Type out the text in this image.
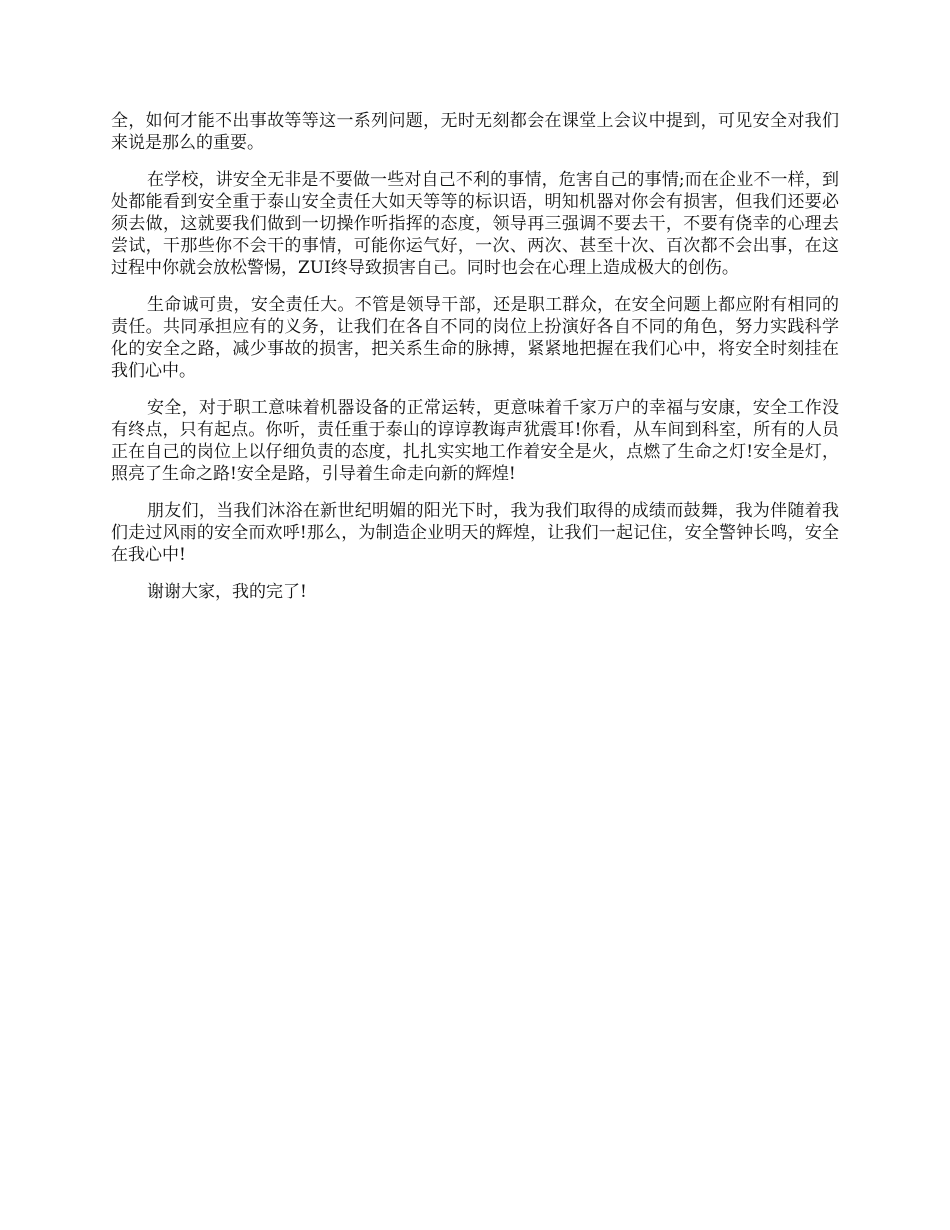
全，如何才能不出事故等等这一系列问题，无时无刻都会在课堂上会议中提到，可见安全对我们来说是那么的重要。

在学校，讲安全无非是不要做一些对自己不利的事情，危害自己的事情;而在企业不一样，到处都能看到安全重于泰山安全责任大如天等等的标识语，明知机器对你会有损害，但我们还要必须去做，这就要我们做到一切操作听指挥的态度，领导再三强调不要去干，不要有侥幸的心理去尝试，干那些你不会干的事情，可能你运气好，一次、两次、甚至十次、百次都不会出事，在这过程中你就会放松警惕，ZUI终导致损害自己。同时也会在心理上造成极大的创伤。

生命诚可贵，安全责任大。不管是领导干部，还是职工群众，在安全问题上都应附有相同的责任。共同承担应有的义务，让我们在各自不同的岗位上扮演好各自不同的角色，努力实践科学化的安全之路，减少事故的损害，把关系生命的脉搏，紧紧地把握在我们心中，将安全时刻挂在我们心中。

安全，对于职工意味着机器设备的正常运转，更意味着千家万户的幸福与安康，安全工作没有终点，只有起点。你听，责任重于泰山的谆谆教诲声犹震耳!你看，从车间到科室，所有的人员正在自己的岗位上以仔细负责的态度，扎扎实实地工作着安全是火，点燃了生命之灯!安全是灯，照亮了生命之路!安全是路，引导着生命走向新的辉煌!

朋友们，当我们沐浴在新世纪明媚的阳光下时，我为我们取得的成绩而鼓舞，我为伴随着我们走过风雨的安全而欢呼!那么，为制造企业明天的辉煌，让我们一起记住，安全警钟长鸣，安全在我心中!

谢谢大家，我的完了!
